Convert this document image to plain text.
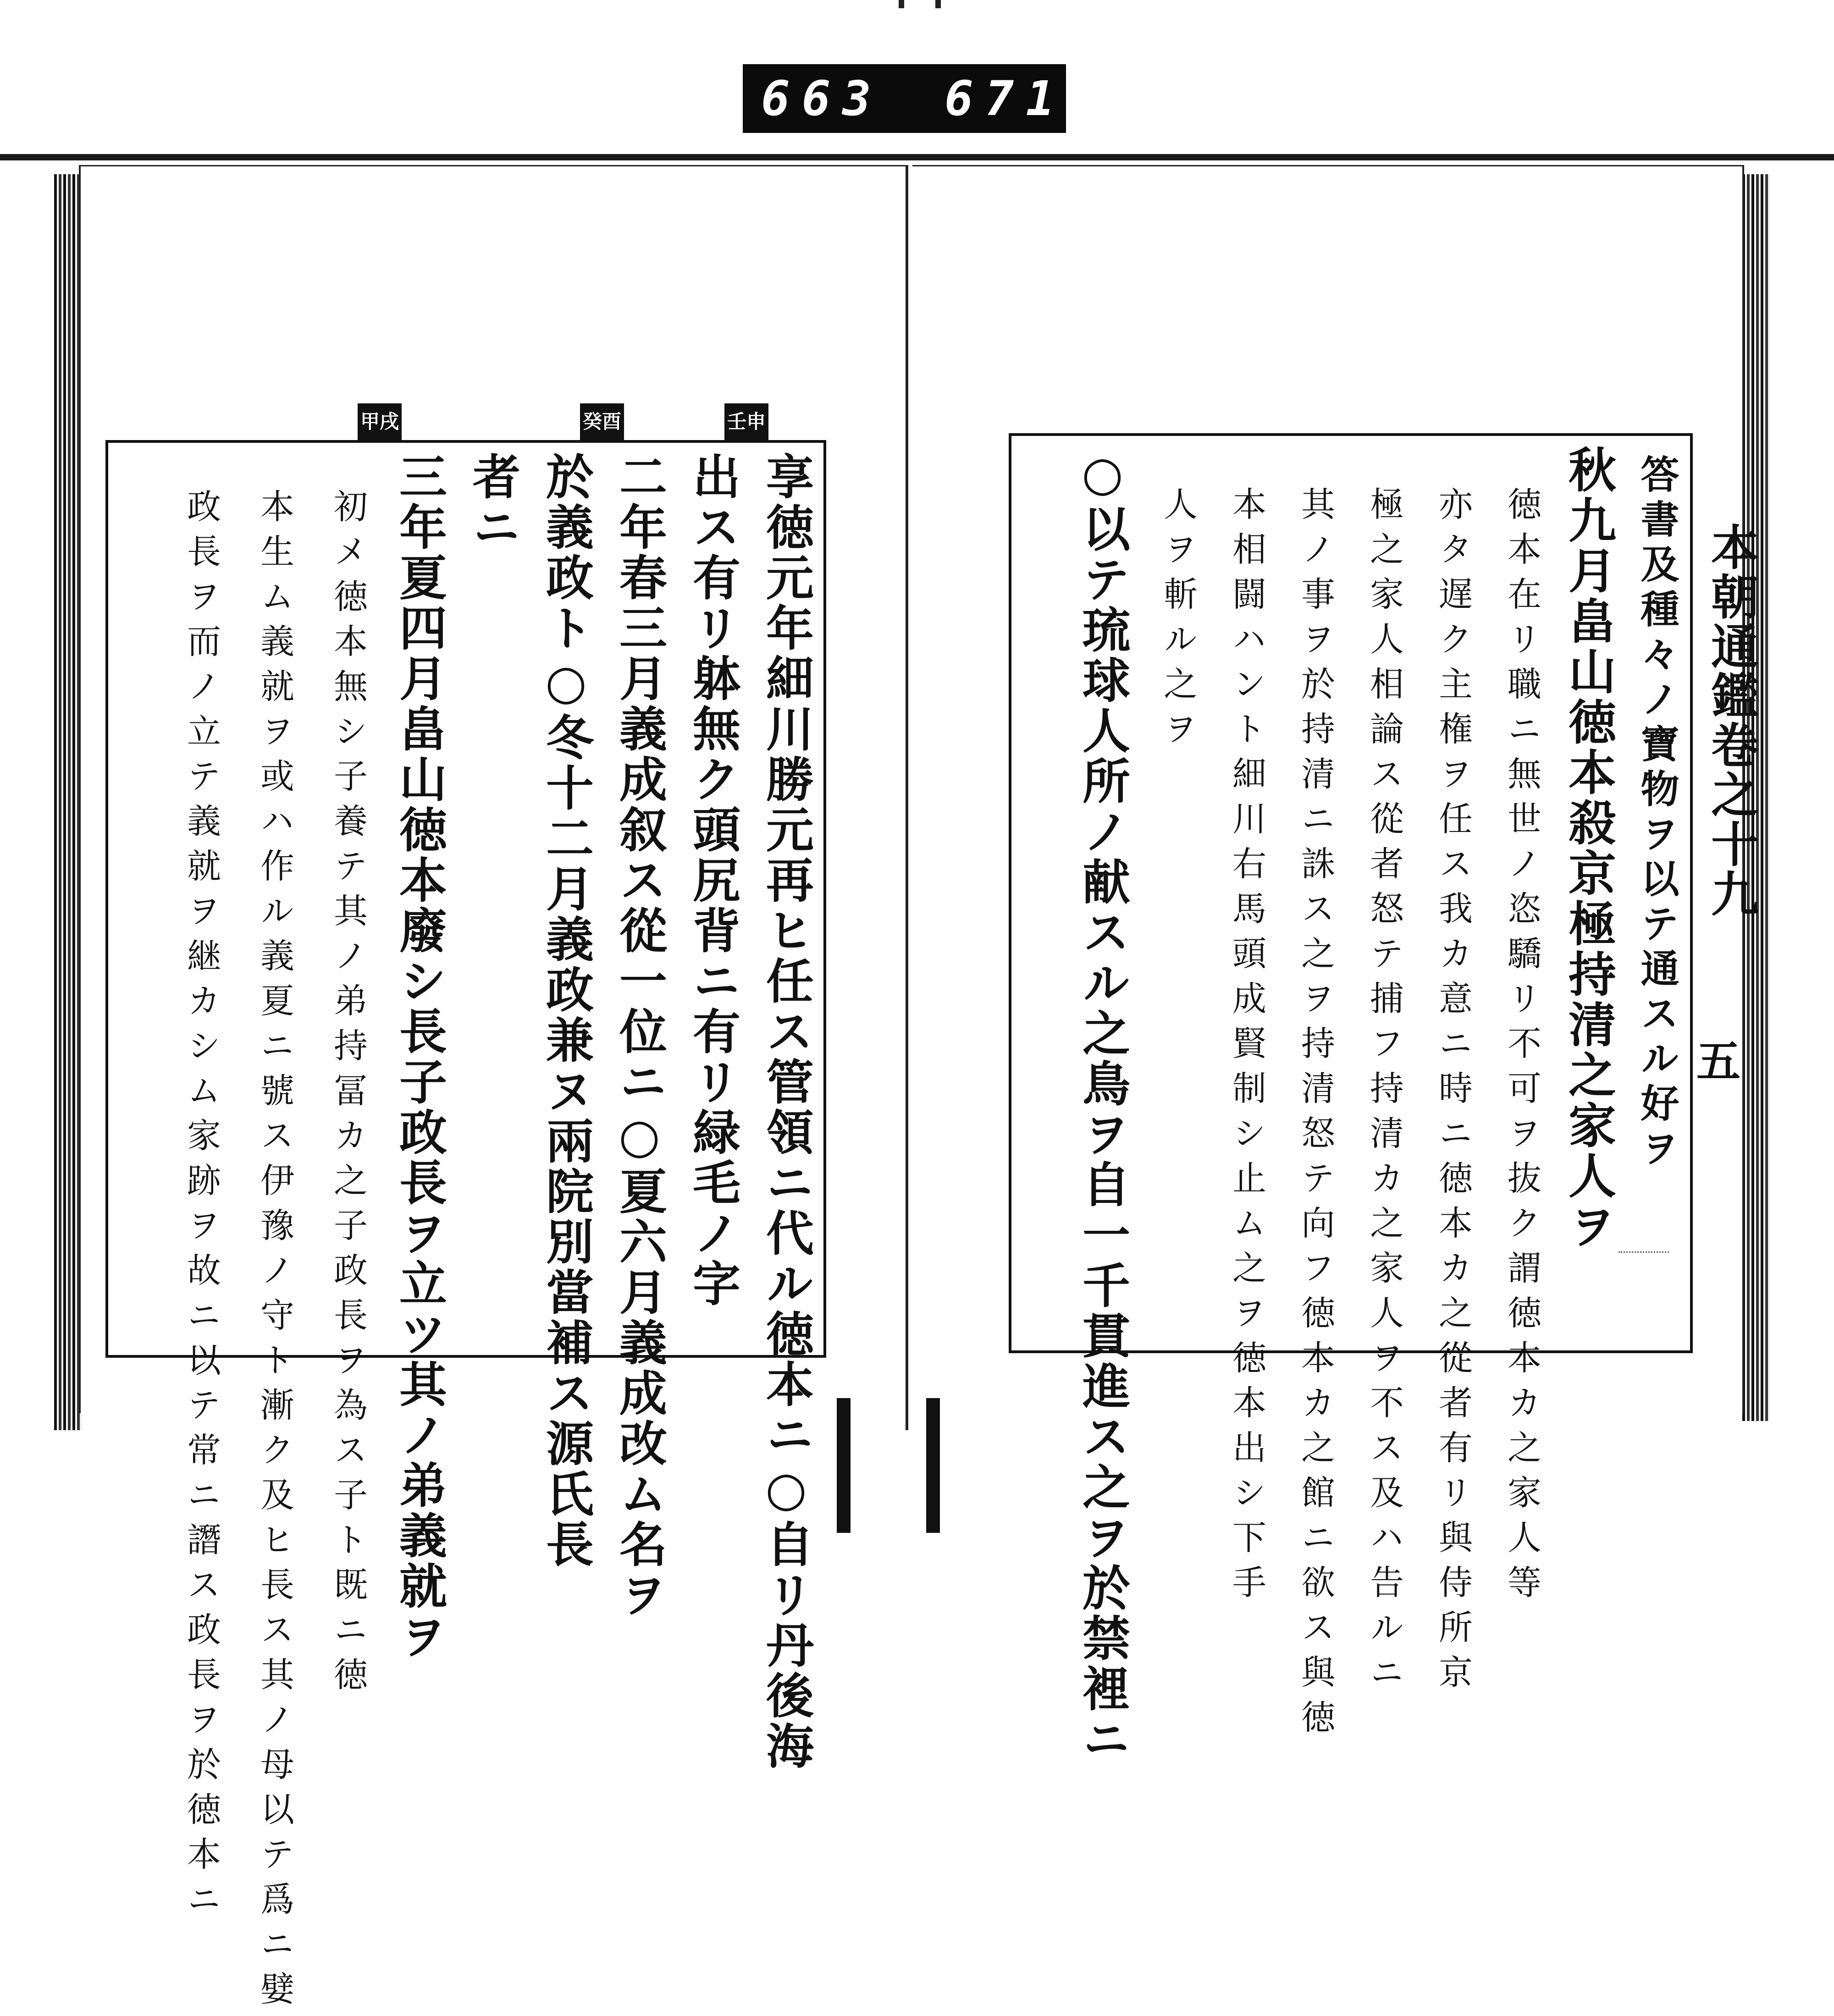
663 671.
答書及種々ノ寶物ヲ以テ通スル好ヲ
秋九月畠山徳本殺京極持清之家人ヲ
徳本在リ職ニ無世ノ恣驕リ不可ヲ抜ク謂徳本カ之家人等
亦タ遅ク主権ヲ任ス我カ意ニ時ニ徳本カ之從者有リ與侍所京
極之家人相論ス從者怒テ捕フ持清カ之家人ヲ不ス及ハ告ルニ
其ノ事ヲ於持清ニ誅ス之ヲ持清怒テ向フ徳本カ之館ニ欲ス與徳
本相闘ハント細川右馬頭成賢制シ止ム之ヲ徳本出シ下手
人ヲ斬ル之ヲ
○以テ琉球人所ノ献スル之鳥ヲ自一千貫進ス之ヲ於禁裡ニ	本朝通鑑卷之十九
五
壬申
癸酉
甲戌
享徳元年細川勝元再ヒ任ス管領ニ代ル徳本ニ○自リ丹後海
出ス有リ躰無ク頭尻背ニ有リ緑毛ノ字
二年春三月義成叙ス從一位ニ○夏六月義成改ム名ヲ
於義政ト○冬十二月義政兼ヌ兩院別當補ス源氏長
者ニ
三年夏四月畠山徳本廢シ長子政長ヲ立ツ其ノ弟義就ヲ
初メ徳本無シ子養テ其ノ弟持冨カ之子政長ヲ為ス子ト既ニ徳
本生ム義就ヲ或ハ作ル義夏ニ號ス伊豫ノ守ト漸ク及ヒ長ス其ノ母以テ爲ニ嬖
政長ヲ而ノ立テ義就ヲ継カシム家跡ヲ故ニ以テ常ニ譖ス政長ヲ於徳本ニ
